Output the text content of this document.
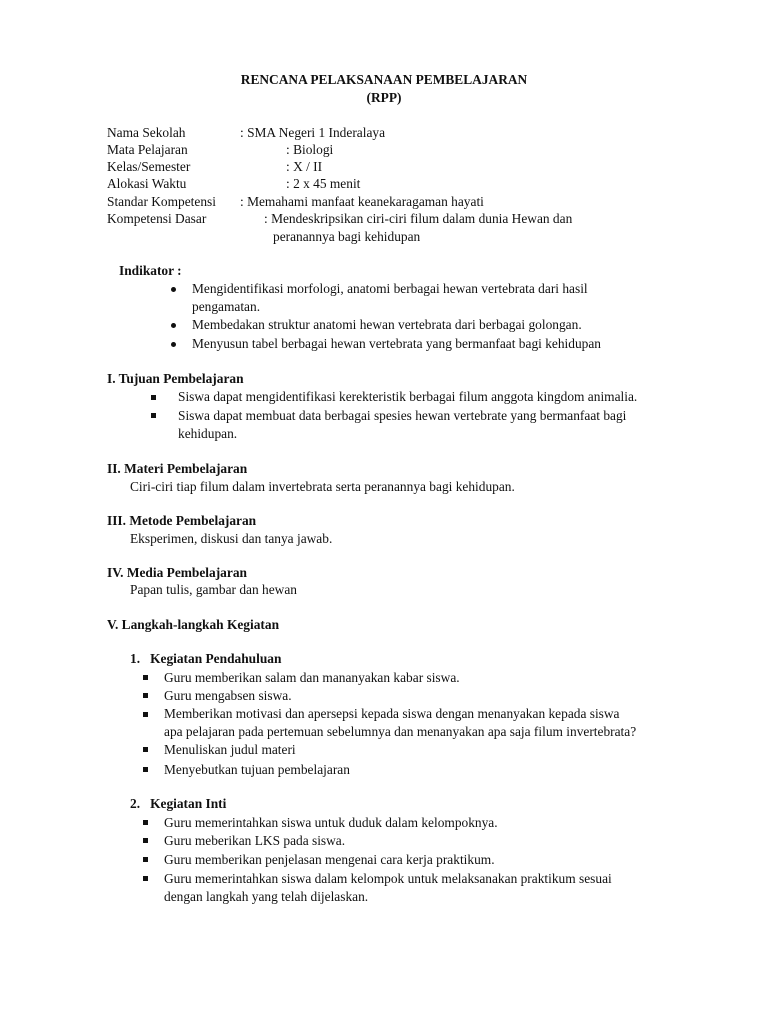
RENCANA PELAKSANAAN PEMBELAJARAN
(RPP)
Nama Sekolah	: SMA Negeri 1 Inderalaya
Mata Pelajaran	: Biologi
Kelas/Semester	: X / II
Alokasi Waktu	: 2 x 45 menit
Standar Kompetensi : Memahami manfaat keanekaragaman hayati
Kompetensi Dasar	: Mendeskripsikan ciri-ciri filum dalam dunia Hewan dan
peranannya bagi kehidupan
Indikator :
Mengidentifikasi morfologi, anatomi berbagai hewan vertebrata dari hasil
pengamatan.
Membedakan struktur anatomi hewan vertebrata dari berbagai golongan.
Menyusun tabel berbagai hewan vertebrata yang bermanfaat bagi kehidupan
I. Tujuan Pembelajaran
Siswa dapat mengidentifikasi kerekteristik berbagai filum anggota kingdom animalia.
Siswa dapat membuat data berbagai spesies hewan vertebrate yang bermanfaat bagi
kehidupan.
II. Materi Pembelajaran
Ciri-ciri tiap filum dalam invertebrata serta peranannya bagi kehidupan.
III. Metode Pembelajaran
Eksperimen, diskusi dan tanya jawab.
IV. Media Pembelajaran
Papan tulis, gambar dan hewan
V. Langkah-langkah Kegiatan
1.   Kegiatan Pendahuluan
Guru memberikan salam dan mananyakan kabar siswa.
Guru mengabsen siswa.
Memberikan motivasi dan apersepsi kepada siswa dengan menanyakan kepada siswa
apa pelajaran pada pertemuan sebelumnya dan menanyakan apa saja filum invertebrata?
Menuliskan judul materi
Menyebutkan tujuan pembelajaran
2.   Kegiatan Inti
Guru memerintahkan siswa untuk duduk dalam kelompoknya.
Guru meberikan LKS pada siswa.
Guru memberikan penjelasan mengenai cara kerja praktikum.
Guru memerintahkan siswa dalam kelompok untuk melaksanakan praktikum sesuai
dengan langkah yang telah dijelaskan.
